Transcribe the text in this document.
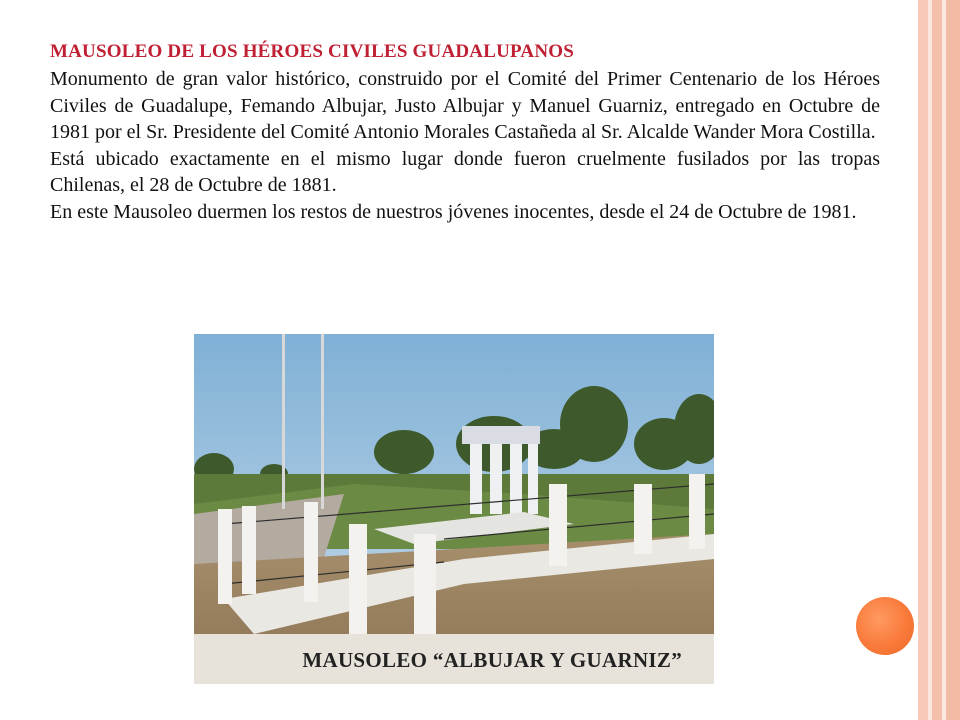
MAUSOLEO DE LOS HÉROES CIVILES GUADALUPANOS

Monumento de gran valor histórico, construido por el Comité del Primer Centenario de los Héroes Civiles de Guadalupe, Femando Albujar, Justo Albujar y Manuel Guarniz, entregado en Octubre de 1981 por el Sr. Presidente del Comité Antonio Morales Castañeda al Sr. Alcalde Wander Mora Costilla.

Está ubicado exactamente en el mismo lugar donde fueron cruelmente fusilados por las tropas Chilenas, el 28 de Octubre de 1881.

En este Mausoleo duermen los restos de nuestros jóvenes inocentes, desde el 24 de Octubre de 1981.

MAUSOLEO “ALBUJAR Y GUARNIZ”
